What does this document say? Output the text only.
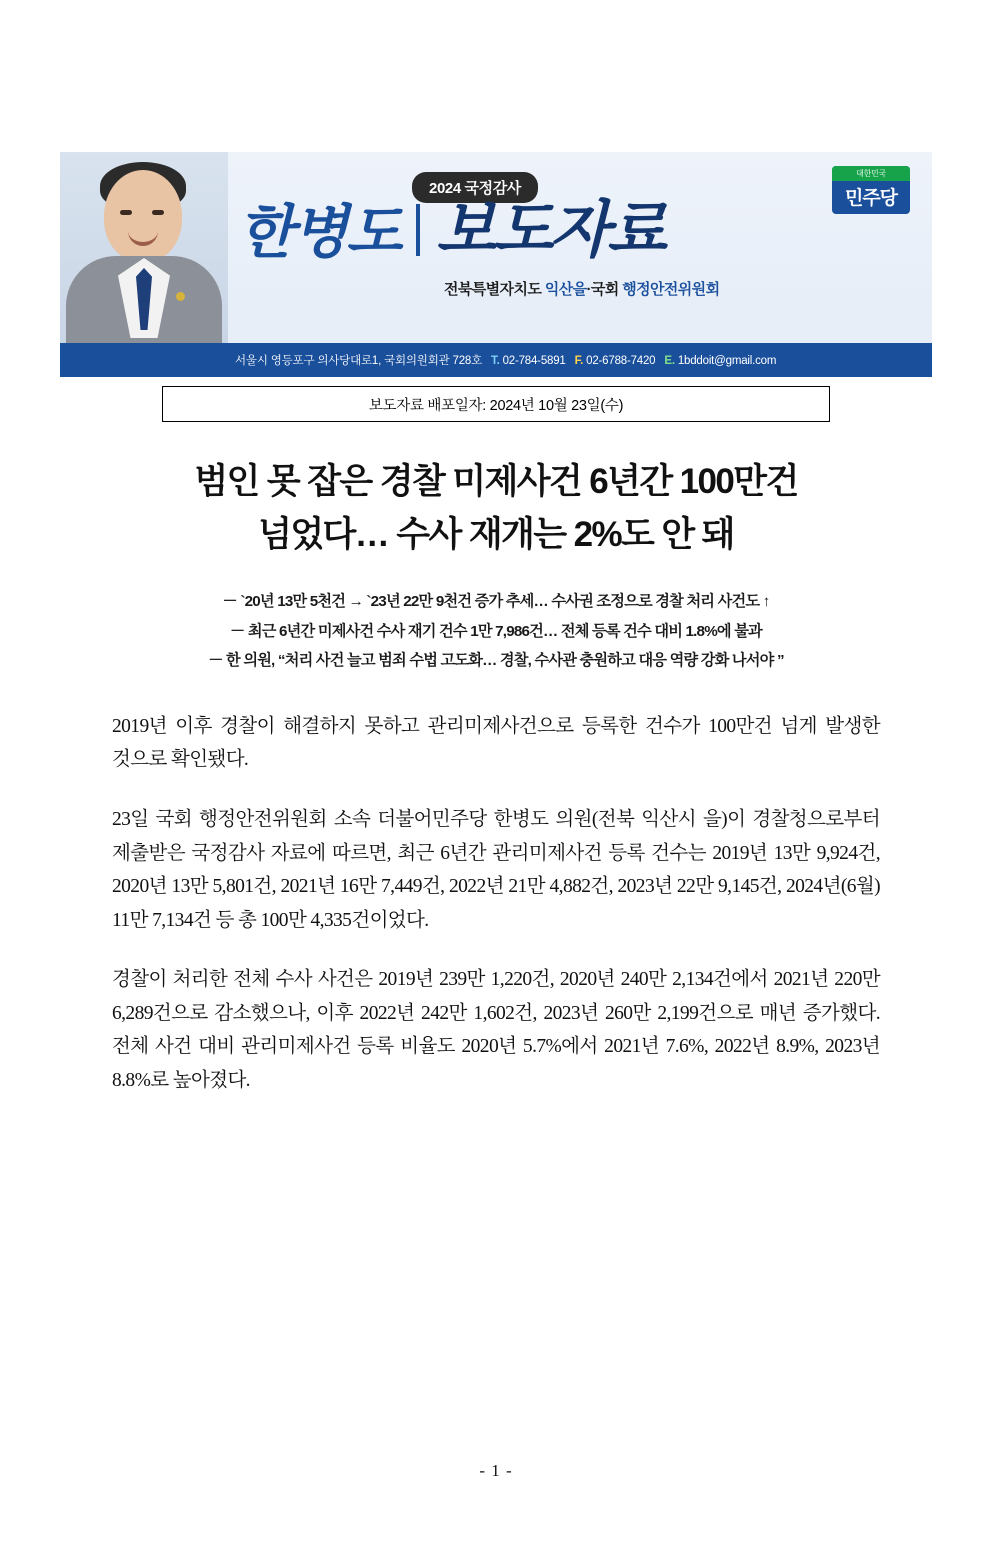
2024 국정감사
한병도 보도자료
전북특별자치도 익산을·국회 행정안전위원회
민주당
대한민국
서울시 영등포구 의사당대로1, 국회의원회관 728호 T. 02-784-5891 F. 02-6788-7420 E. 1bddoit@gmail.com
보도자료 배포일자: 2024년 10월 23일(수)
범인 못 잡은 경찰 미제사건 6년간 100만건
넘었다… 수사 재개는 2%도 안 돼
－ `20년 13만 5천건 → `23년 22만 9천건 증가 추세… 수사권 조정으로 경찰 처리 사건도 ↑
－ 최근 6년간 미제사건 수사 재기 건수 1만 7,986건… 전체 등록 건수 대비 1.8%에 불과
－ 한 의원, “처리 사건 늘고 범죄 수법 고도화… 경찰, 수사관 충원하고 대응 역량 강화 나서야 ”

2019년 이후 경찰이 해결하지 못하고 관리미제사건으로 등록한 건수가 100만건 넘게 발생한 것으로 확인됐다.

23일 국회 행정안전위원회 소속 더불어민주당 한병도 의원(전북 익산시 을)이 경찰청으로부터 제출받은 국정감사 자료에 따르면, 최근 6년간 관리미제사건 등록 건수는 2019년 13만 9,924건, 2020년 13만 5,801건, 2021년 16만 7,449건, 2022년 21만 4,882건, 2023년 22만 9,145건, 2024년(6월) 11만 7,134건 등 총 100만 4,335건이었다.

경찰이 처리한 전체 수사 사건은 2019년 239만 1,220건, 2020년 240만 2,134건에서 2021년 220만 6,289건으로 감소했으나, 이후 2022년 242만 1,602건, 2023년 260만 2,199건으로 매년 증가했다. 전체 사건 대비 관리미제사건 등록 비율도 2020년 5.7%에서 2021년 7.6%, 2022년 8.9%, 2023년 8.8%로 높아졌다.

- 1 -
